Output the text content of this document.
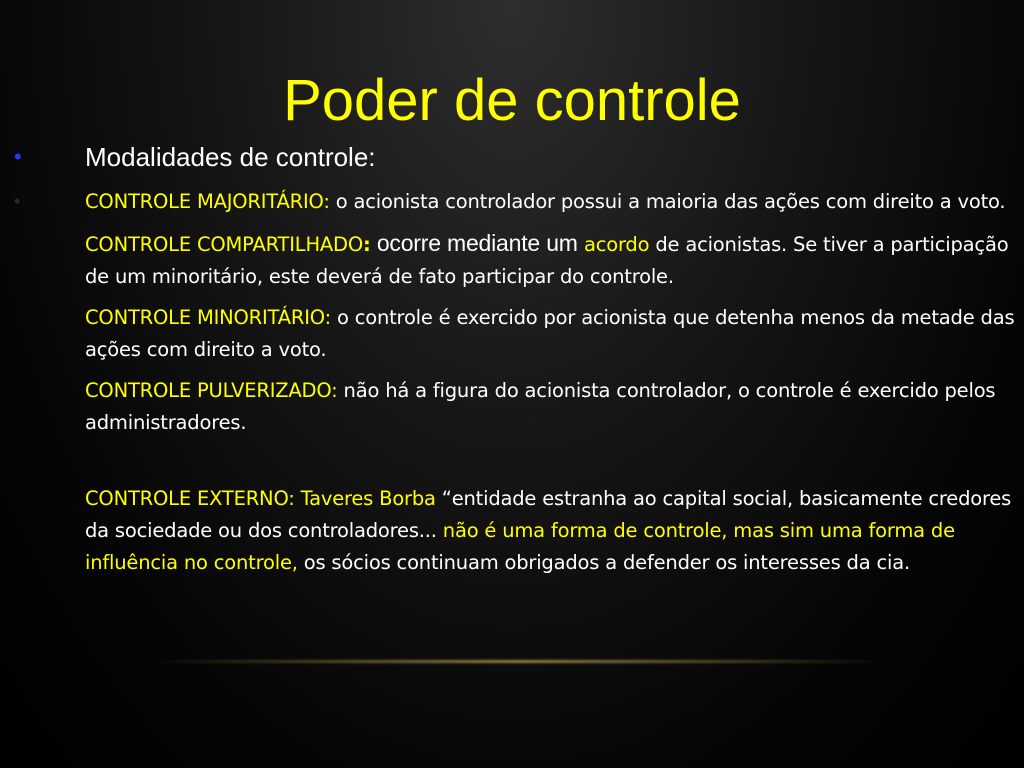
Poder de controle
•
•

Modalidades de controle:

CONTROLE MAJORITÁRIO: o acionista controlador possui a maioria das ações com direito a voto.

CONTROLE COMPARTILHADO: ocorre mediante um acordo de acionistas. Se tiver a participação de um minoritário, este deverá de fato participar do controle.

CONTROLE MINORITÁRIO: o controle é exercido por acionista que detenha menos da metade das ações com direito a voto.

CONTROLE PULVERIZADO: não há a figura do acionista controlador, o controle é exercido pelos administradores.

CONTROLE EXTERNO: Taveres Borba “entidade estranha ao capital social, basicamente credores da sociedade ou dos controladores... não é uma forma de controle, mas sim uma forma de influência no controle, os sócios continuam obrigados a defender os interesses da cia.
